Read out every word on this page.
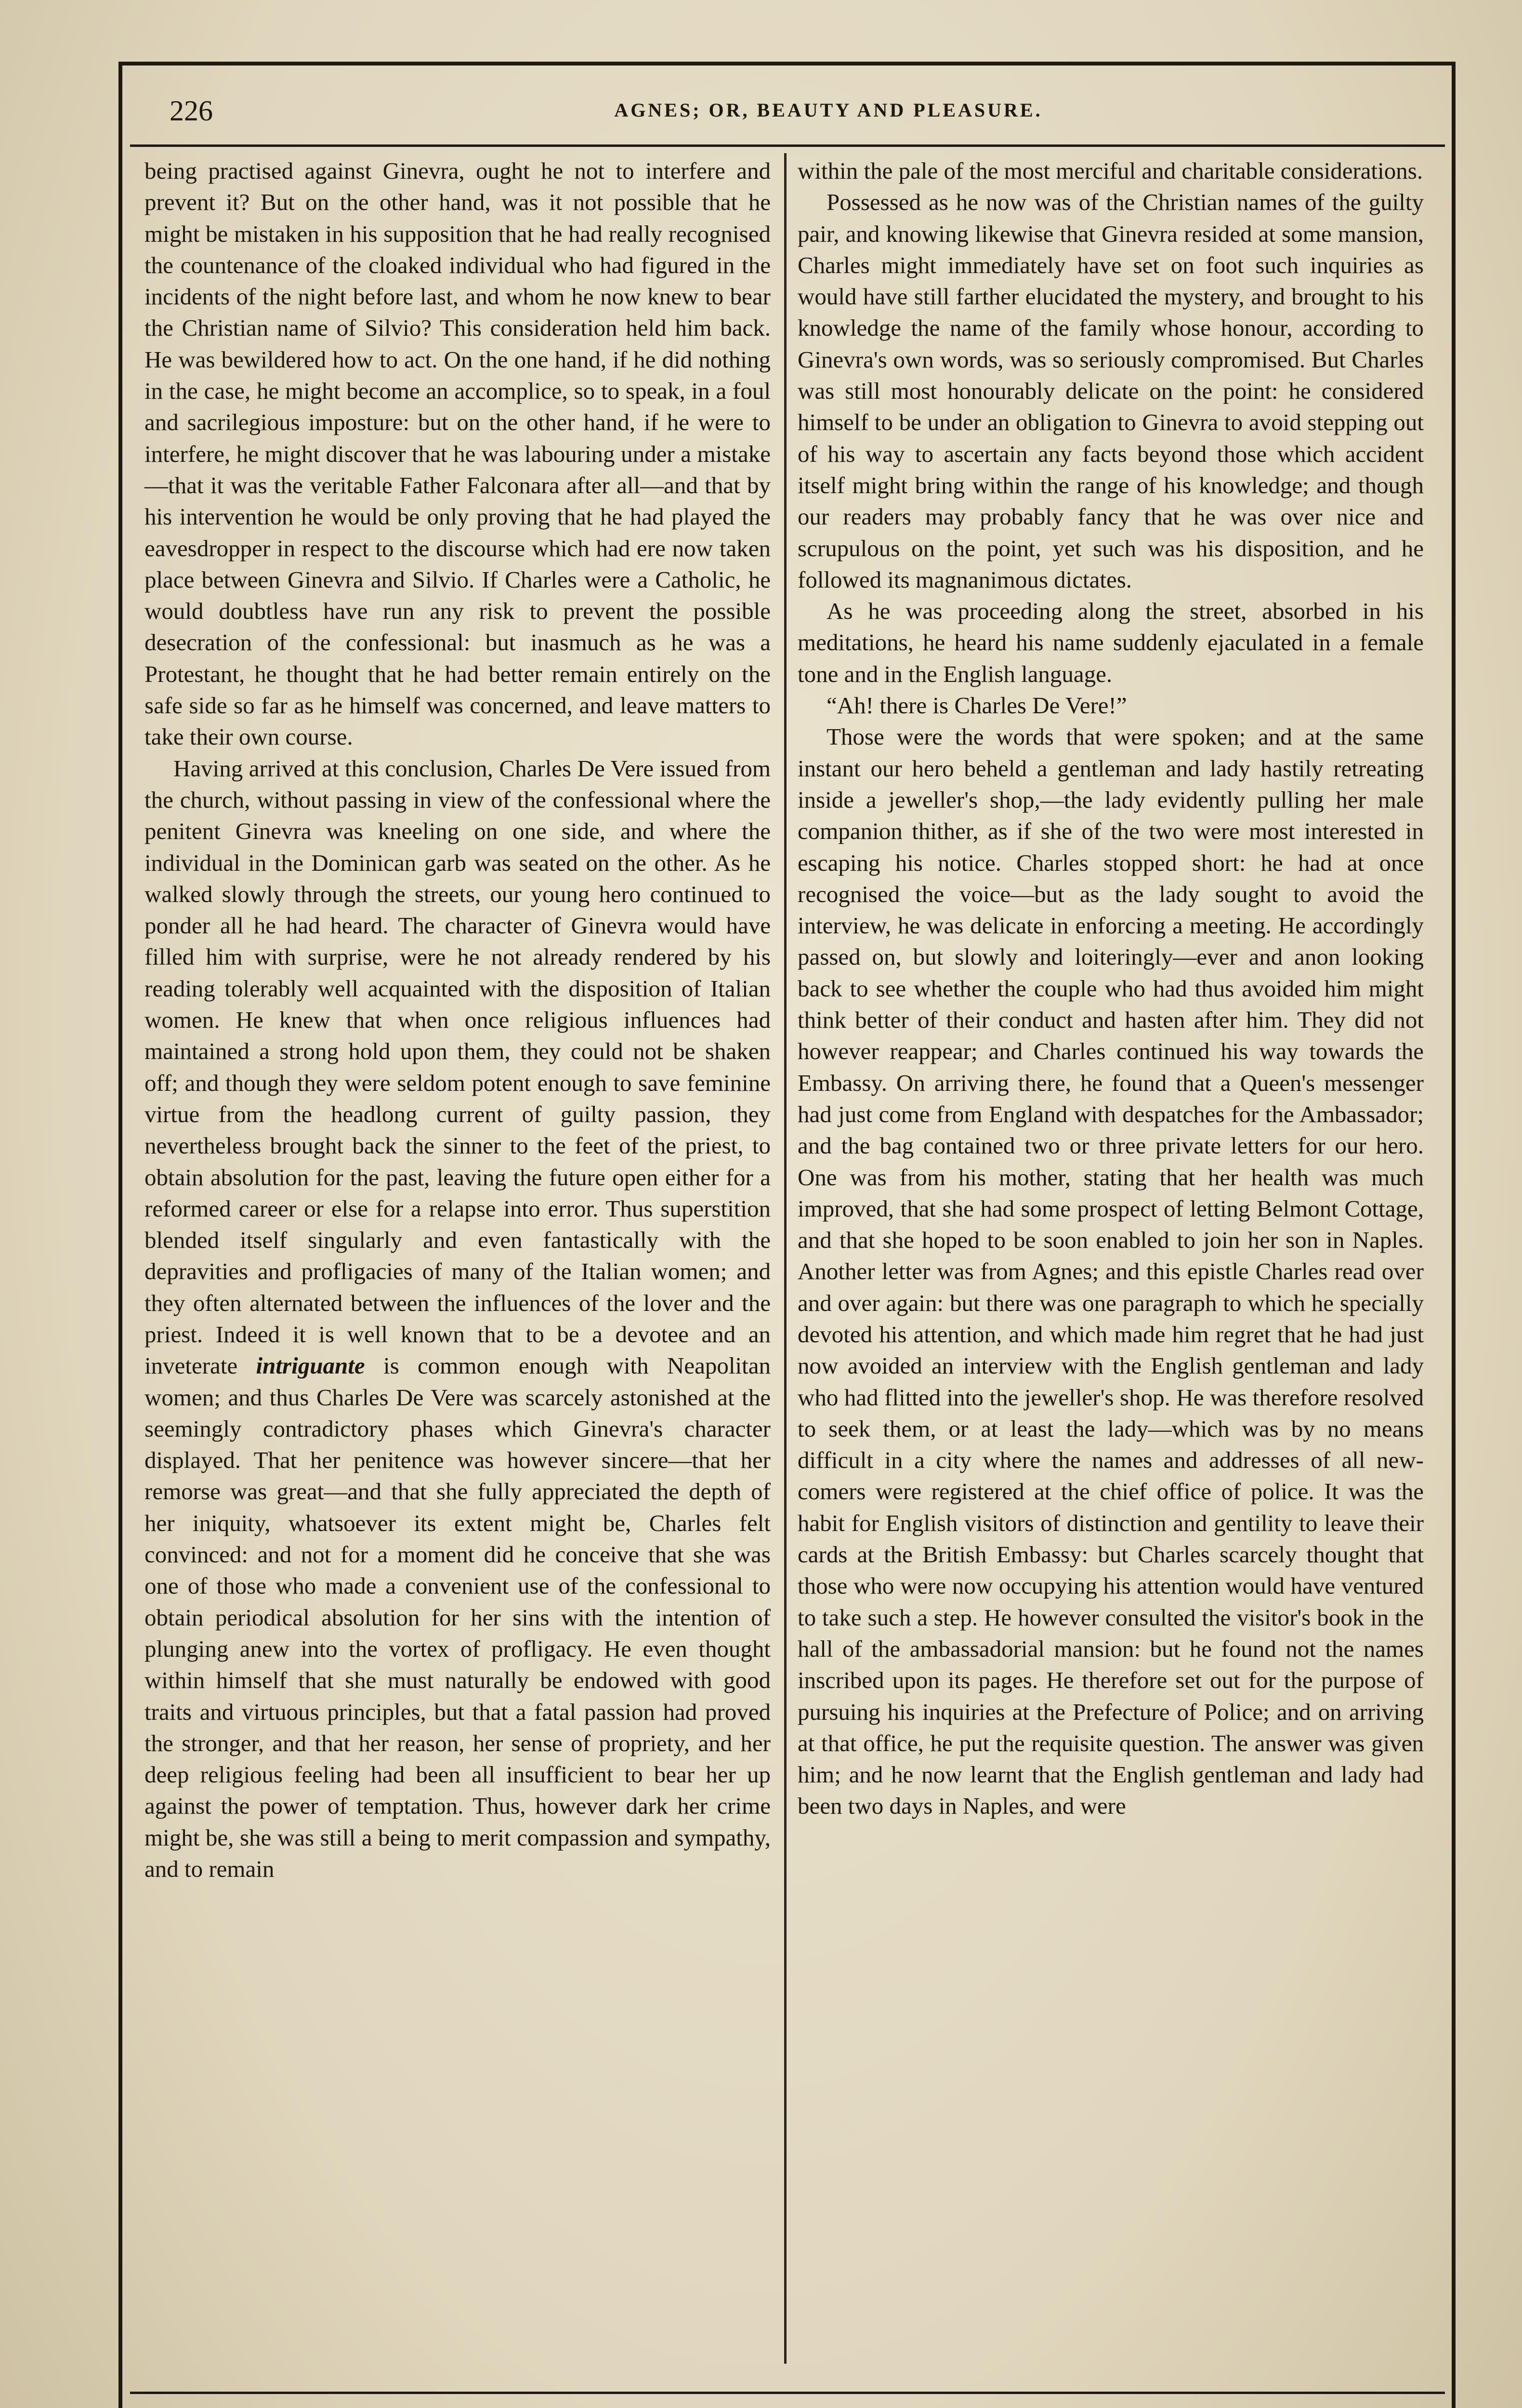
226	AGNES; OR, BEAUTY AND PLEASURE.

being practised against Ginevra, ought he not to interfere and prevent it? But on the other hand, was it not possible that he might be mistaken in his supposition that he had really recognised the countenance of the cloaked individual who had figured in the incidents of the night before last, and whom he now knew to bear the Christian name of Silvio? This consideration held him back. He was bewildered how to act. On the one hand, if he did nothing in the case, he might become an accomplice, so to speak, in a foul and sacrilegious imposture: but on the other hand, if he were to interfere, he might discover that he was labouring under a mistake—that it was the veritable Father Falconara after all—and that by his intervention he would be only proving that he had played the eavesdropper in respect to the discourse which had ere now taken place between Ginevra and Silvio. If Charles were a Catholic, he would doubtless have run any risk to prevent the possible desecration of the confessional: but inasmuch as he was a Protestant, he thought that he had better remain entirely on the safe side so far as he himself was concerned, and leave matters to take their own course.

Having arrived at this conclusion, Charles De Vere issued from the church, without passing in view of the confessional where the penitent Ginevra was kneeling on one side, and where the individual in the Dominican garb was seated on the other. As he walked slowly through the streets, our young hero continued to ponder all he had heard. The character of Ginevra would have filled him with surprise, were he not already rendered by his reading tolerably well acquainted with the disposition of Italian women. He knew that when once religious influences had maintained a strong hold upon them, they could not be shaken off; and though they were seldom potent enough to save feminine virtue from the headlong current of guilty passion, they nevertheless brought back the sinner to the feet of the priest, to obtain absolution for the past, leaving the future open either for a reformed career or else for a relapse into error. Thus superstition blended itself singularly and even fantastically with the depravities and profligacies of many of the Italian women; and they often alternated between the influences of the lover and the priest. Indeed it is well known that to be a devotee and an inveterate intriguante is common enough with Neapolitan women; and thus Charles De Vere was scarcely astonished at the seemingly contradictory phases which Ginevra's character displayed. That her penitence was however sincere—that her remorse was great—and that she fully appreciated the depth of her iniquity, whatsoever its extent might be, Charles felt convinced: and not for a moment did he conceive that she was one of those who made a convenient use of the confessional to obtain periodical absolution for her sins with the intention of plunging anew into the vortex of profligacy. He even thought within himself that she must naturally be endowed with good traits and virtuous principles, but that a fatal passion had proved the stronger, and that her reason, her sense of propriety, and her deep religious feeling had been all insufficient to bear her up against the power of temptation. Thus, however dark her crime might be, she was still a being to merit compassion and sympathy, and to remain

within the pale of the most merciful and charitable considerations.

Possessed as he now was of the Christian names of the guilty pair, and knowing likewise that Ginevra resided at some mansion, Charles might immediately have set on foot such inquiries as would have still farther elucidated the mystery, and brought to his knowledge the name of the family whose honour, according to Ginevra's own words, was so seriously compromised. But Charles was still most honourably delicate on the point: he considered himself to be under an obligation to Ginevra to avoid stepping out of his way to ascertain any facts beyond those which accident itself might bring within the range of his knowledge; and though our readers may probably fancy that he was over nice and scrupulous on the point, yet such was his disposition, and he followed its magnanimous dictates.

As he was proceeding along the street, absorbed in his meditations, he heard his name suddenly ejaculated in a female tone and in the English language.

“Ah! there is Charles De Vere!”

Those were the words that were spoken; and at the same instant our hero beheld a gentleman and lady hastily retreating inside a jeweller's shop,—the lady evidently pulling her male companion thither, as if she of the two were most interested in escaping his notice. Charles stopped short: he had at once recognised the voice—but as the lady sought to avoid the interview, he was delicate in enforcing a meeting. He accordingly passed on, but slowly and loiteringly—ever and anon looking back to see whether the couple who had thus avoided him might think better of their conduct and hasten after him. They did not however reappear; and Charles continued his way towards the Embassy. On arriving there, he found that a Queen's messenger had just come from England with despatches for the Ambassador; and the bag contained two or three private letters for our hero. One was from his mother, stating that her health was much improved, that she had some prospect of letting Belmont Cottage, and that she hoped to be soon enabled to join her son in Naples. Another letter was from Agnes; and this epistle Charles read over and over again: but there was one paragraph to which he specially devoted his attention, and which made him regret that he had just now avoided an interview with the English gentleman and lady who had flitted into the jeweller's shop. He was therefore resolved to seek them, or at least the lady—which was by no means difficult in a city where the names and addresses of all new-comers were registered at the chief office of police. It was the habit for English visitors of distinction and gentility to leave their cards at the British Embassy: but Charles scarcely thought that those who were now occupying his attention would have ventured to take such a step. He however consulted the visitor's book in the hall of the ambassadorial mansion: but he found not the names inscribed upon its pages. He therefore set out for the purpose of pursuing his inquiries at the Prefecture of Police; and on arriving at that office, he put the requisite question. The answer was given him; and he now learnt that the English gentleman and lady had been two days in Naples, and were
